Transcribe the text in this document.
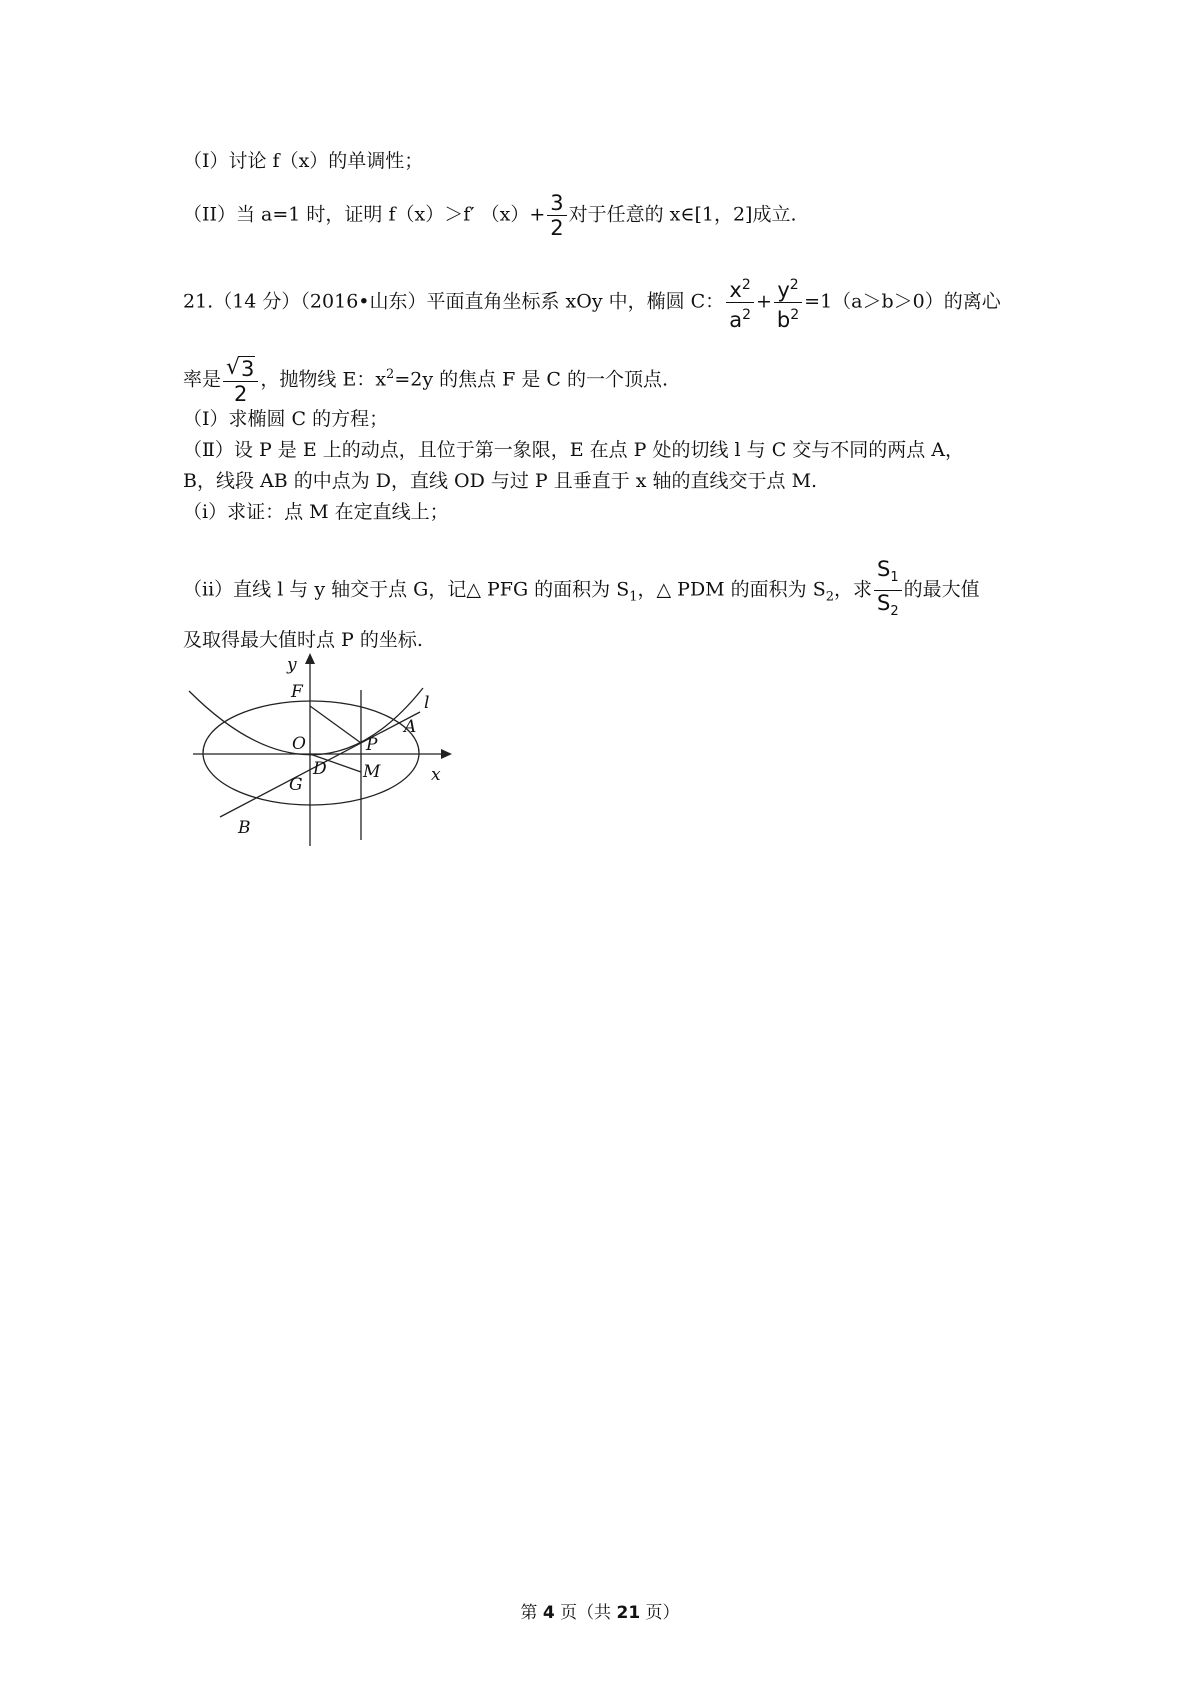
（I）讨论 f（x）的单调性；
（II）当 a=1 时，证明 f（x）＞f′ $(x)+ \frac{3}{2}$ 对于任意的 x∈[1，2]成立.
21.（14 分）（2016•山东）平面直角坐标系 xOy 中，椭圆 C： $\frac{x^2}{a^2} + \frac{y^2}{b^2} =1(a>b>0)$的离心
率是 $\frac{√ 3}{2}$ ，抛物线 E：$x^2=2y$ 的焦点 F 是 C 的一个顶点.
（I）求椭圆 C 的方程；
（Ⅱ）设 P 是 E 上的动点，且位于第一象限，E 在点 P 处的切线 l 与 C 交与不同的两点 A，
B，线段 AB 的中点为 D，直线 OD 与过 P 且垂直于 x 轴的直线交于点 M.
（i）求证：点 M 在定直线上；
（ii）直线 l 与 y 轴交于点 G，记△ PFG 的面积为 $S_1$，△ PDM 的面积为 $S_2$，求 $\frac{S_1}{S_2}$ 的最大值
及取得最大值时点 P 的坐标.
y
x
F
O	P
A
l
D
G
M
B
第 4 页（共 21 页）
